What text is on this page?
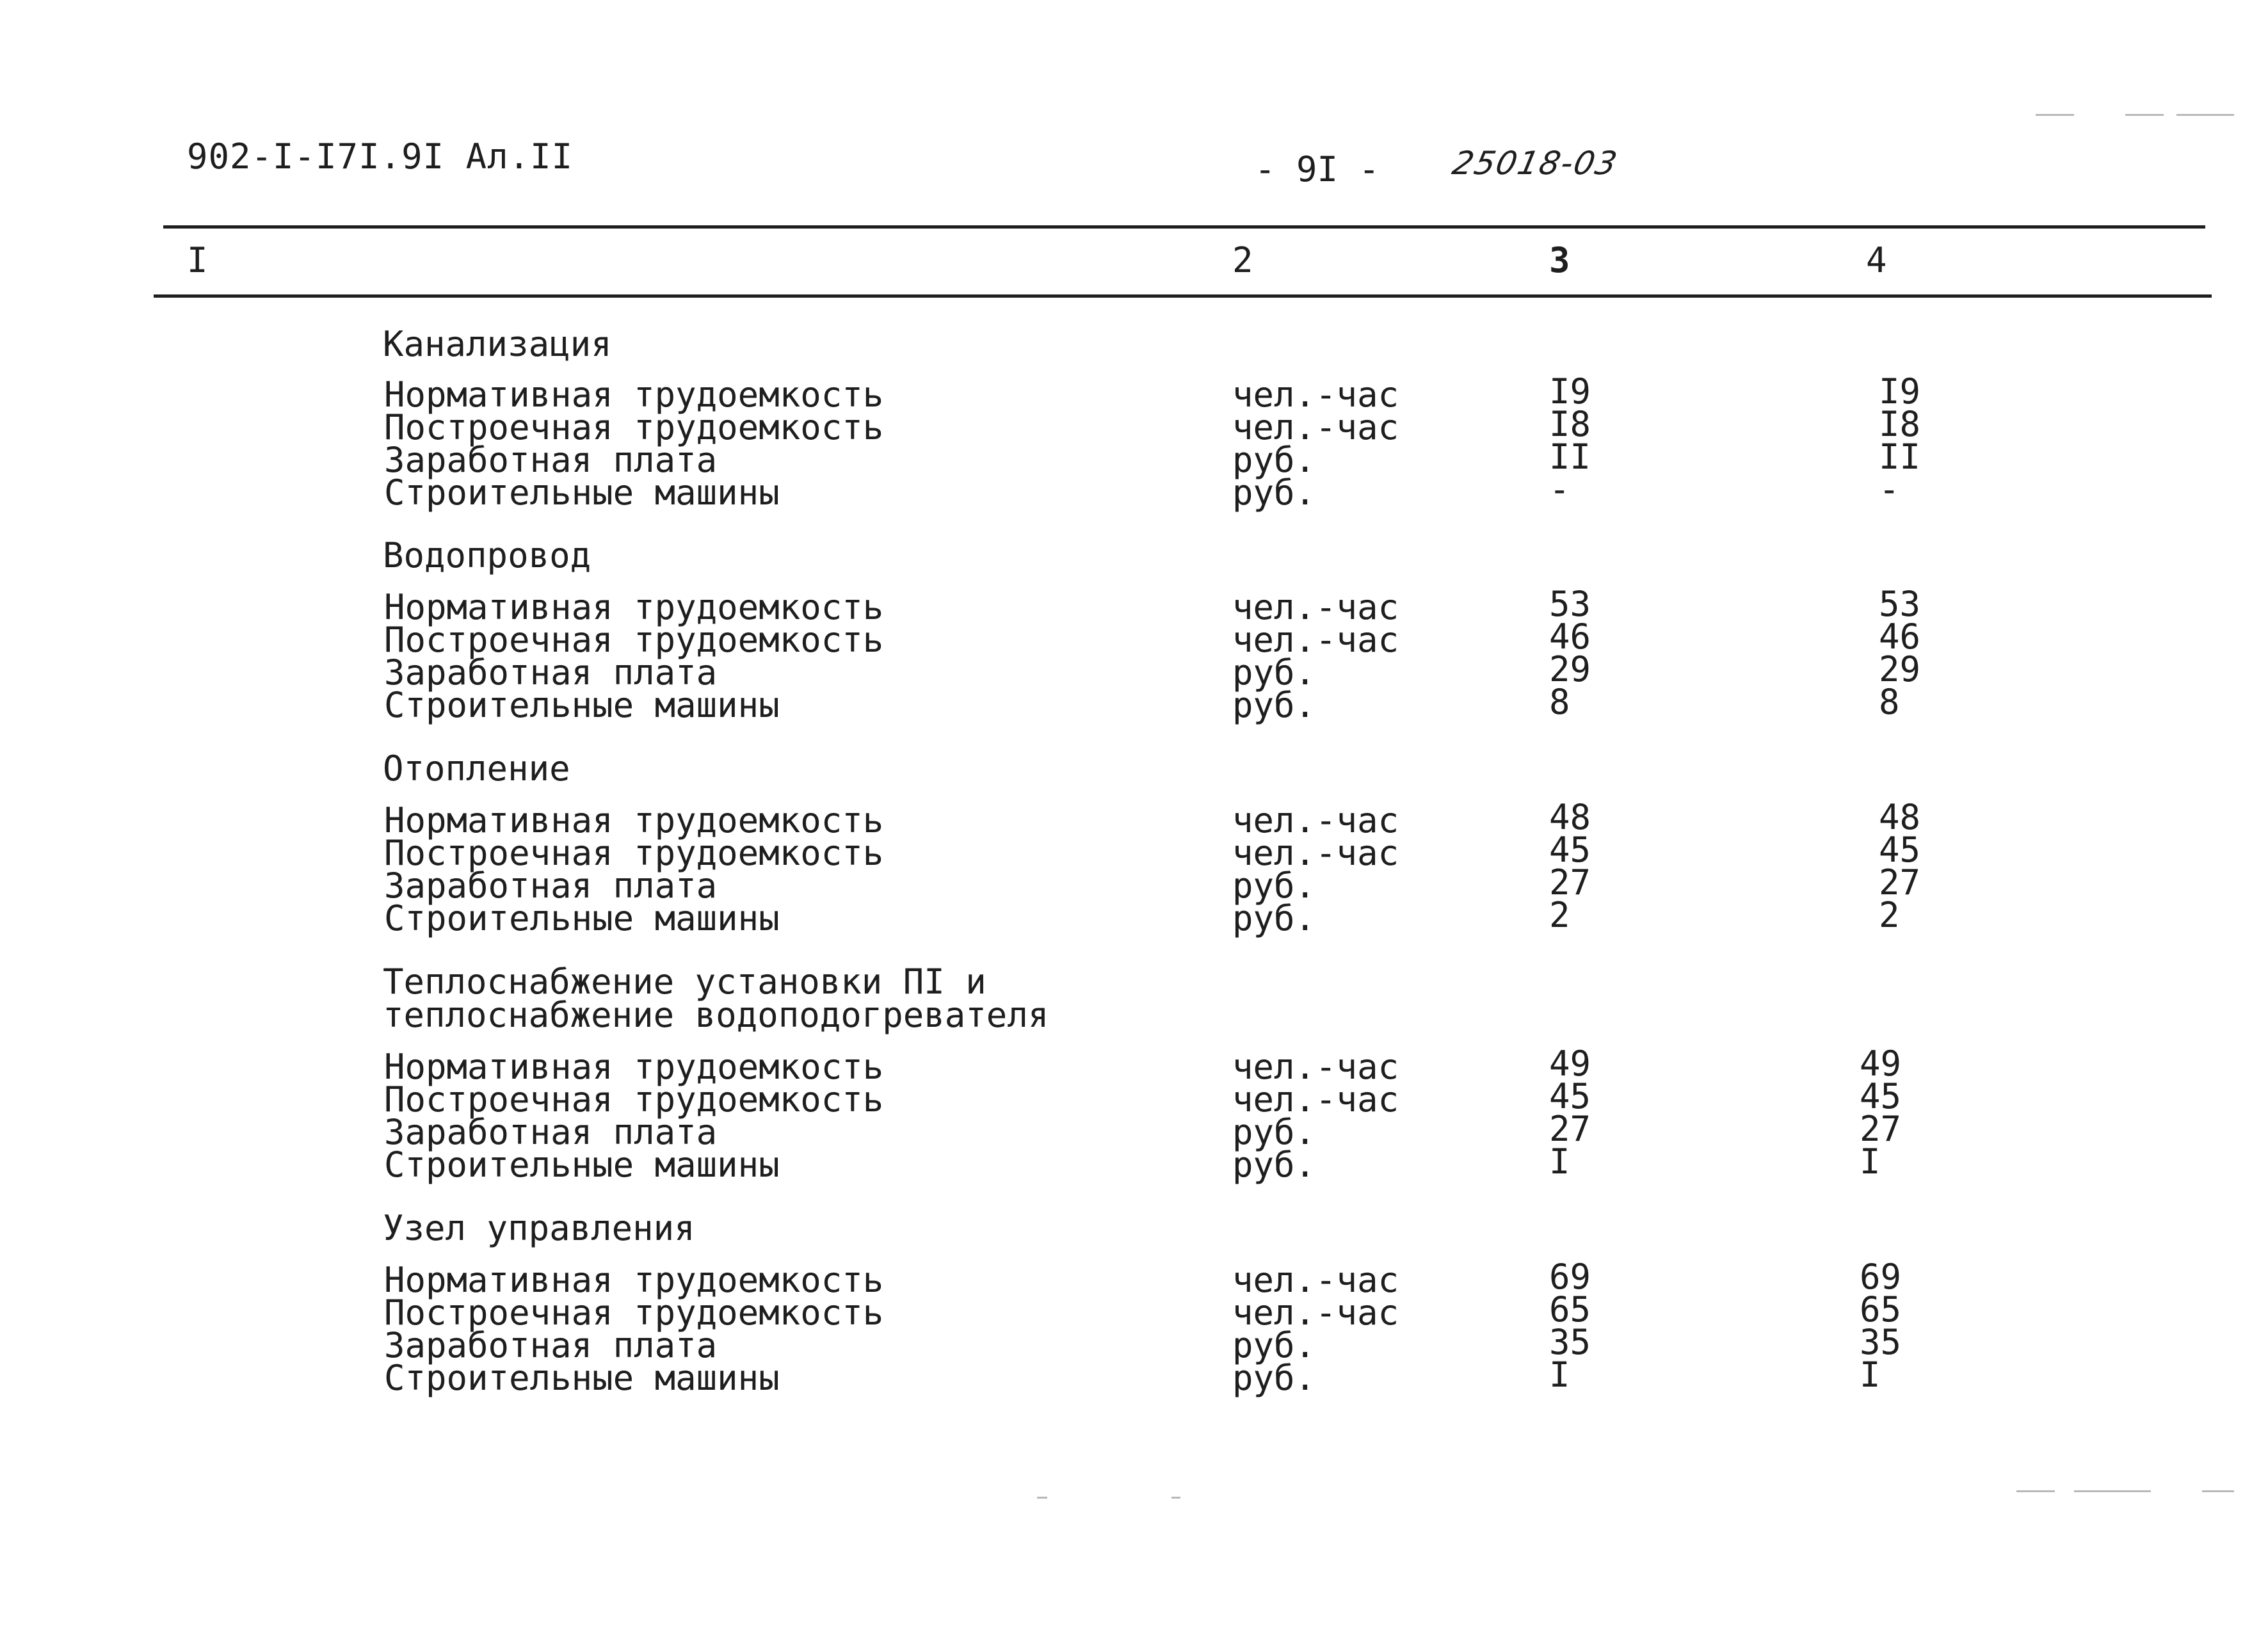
902-I-I7I.9I Ал.II	- 9I - 25018-03
I	2	3	4
Канализация
Нормативная трудоемкость	чел.-час	I9	I9
Построечная трудоемкость	чел.-час	I8	I8
Заработная плата	руб.	II	II
Строительные машины	руб.	-	-
Водопровод
Нормативная трудоемкость	чел.-час	53	53
Построечная трудоемкость	чел.-час	46	46
Заработная плата	руб.	29	29
Строительные машины	руб.	8	8
Отопление
Нормативная трудоемкость	чел.-час	48	48
Построечная трудоемкость	чел.-час	45	45
Заработная плата	руб.	27	27
Строительные машины	руб.	2	2
Теплоснабжение установки ПI и
теплоснабжение водоподогревателя
Нормативная трудоемкость	чел.-час	49	49
Построечная трудоемкость	чел.-час	45	45
Заработная плата	руб.	27	27
Строительные машины	руб.	I	I
Узел управления
Нормативная трудоемкость	чел.-час	69	69
Построечная трудоемкость	чел.-час	65	65
Заработная плата	руб.	35	35
Строительные машины	руб.	I	I
